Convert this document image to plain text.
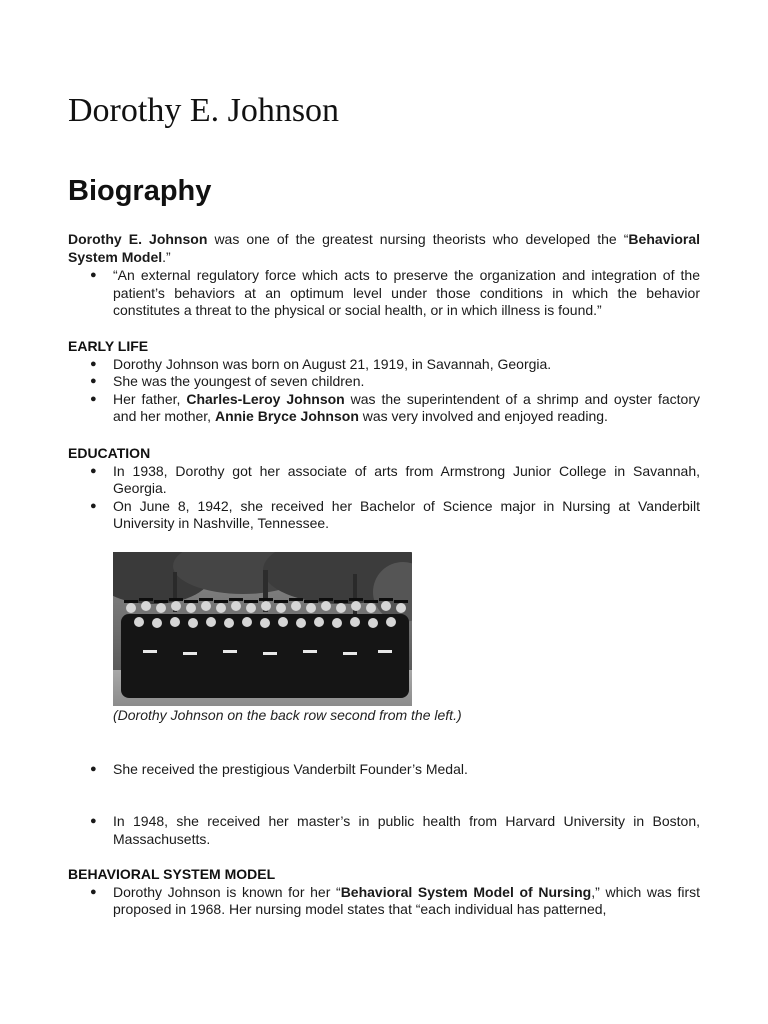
Dorothy E. Johnson
Biography
Dorothy E. Johnson was one of the greatest nursing theorists who developed the “Behavioral System Model.”
● “An external regulatory force which acts to preserve the organization and integration of the patient’s behaviors at an optimum level under those conditions in which the behavior constitutes a threat to the physical or social health, or in which illness is found.”

EARLY LIFE

● Dorothy Johnson was born on August 21, 1919, in Savannah, Georgia.
● She was the youngest of seven children.
● Her father, Charles-Leroy Johnson was the superintendent of a shrimp and oyster factory and her mother, Annie Bryce Johnson was very involved and enjoyed reading.

EDUCATION

● In 1938, Dorothy got her associate of arts from Armstrong Junior College in Savannah, Georgia.
● On June 8, 1942, she received her Bachelor of Science major in Nursing at Vanderbilt University in Nashville, Tennessee.
(Dorothy Johnson on the back row second from the left.)
● She received the prestigious Vanderbilt Founder’s Medal.
● In 1948, she received her master’s in public health from Harvard University in Boston, Massachusetts.

BEHAVIORAL SYSTEM MODEL

● Dorothy Johnson is known for her “Behavioral System Model of Nursing,” which was first proposed in 1968. Her nursing model states that “each individual has patterned,
